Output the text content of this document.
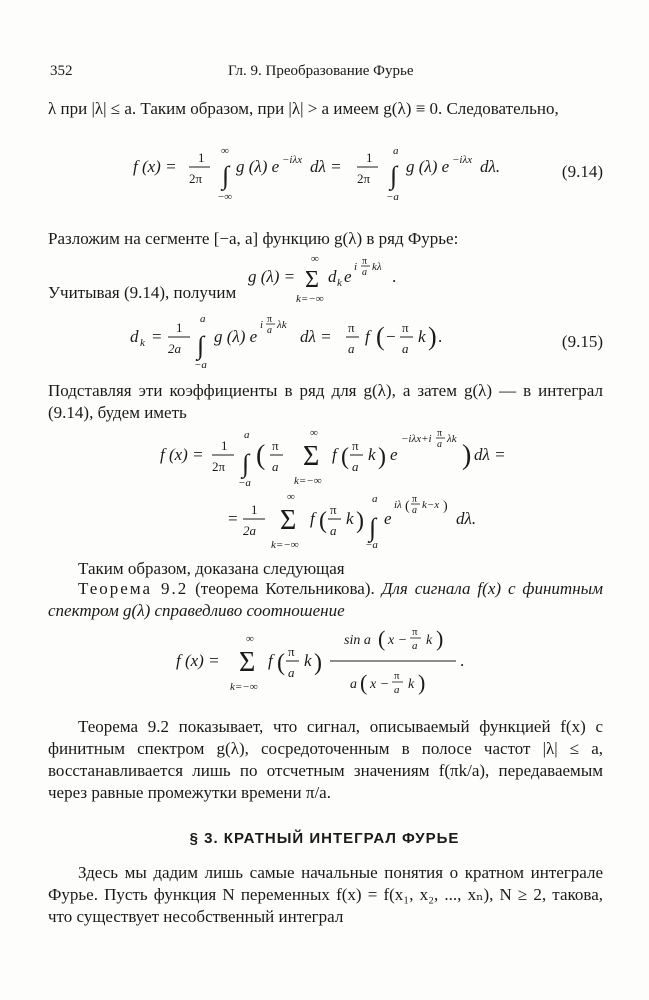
352	Гл. 9. Преобразование Фурье
λ при |λ| ≤ a. Таким образом, при |λ| > a имеем g(λ) ≡ 0. Следовательно,
f (x) = 1
2π
∞
∫
−∞
g (λ) e −iλx dλ = 1
2π
a
∫
−a
g (λ) e −iλx dλ.	(9.14)
Разложим на сегменте [−a, a] функцию g(λ) в ряд Фурье:
g (λ) =
∞
Σ
k=−∞
d k e i π
a kλ .
Учитывая (9.14), получим
d k = 1
2a
a
∫
−a
g (λ) e
i π
a λk
dλ = π
a
f ( − π
a
k ) .	(9.15)
Подставляя эти коэффициенты в ряд для g(λ), а затем g(λ) — в интеграл (9.14), будем иметь
f (x) = 1
2π
a
∫
−a
( π
a
∞
Σ
k=−∞
f ( π
a
k ) e
−iλx+i π
a λk
) dλ =
= 1
2a
∞
Σ
k=−∞
f ( π
a
k )
a
∫
−a
e
iλ ( π
a k−x )
dλ.
Таким образом, доказана следующая
Теорема 9.2 (теорема Котельникова). Для сигнала f(x) с финитным спектром g(λ) справедливо соотношение
f (x) =
∞
Σ
k=−∞
f ( π
a
k )
sin a ( x −
π
a k )
a ( x −
π
a k )
.
Теорема 9.2 показывает, что сигнал, описываемый функцией f(x) с финитным спектром g(λ), сосредоточенным в полосе частот |λ| ≤ a, восстанавливается лишь по отсчетным значениям f(πk/a), передаваемым через равные промежутки времени π/a.
§ 3. КРАТНЫЙ ИНТЕГРАЛ ФУРЬЕ
Здесь мы дадим лишь самые начальные понятия о кратном интеграле Фурье. Пусть функция N переменных f(x) = f(x₁, x₂, ..., xₙ), N ≥ 2, такова, что существует несобственный интеграл
